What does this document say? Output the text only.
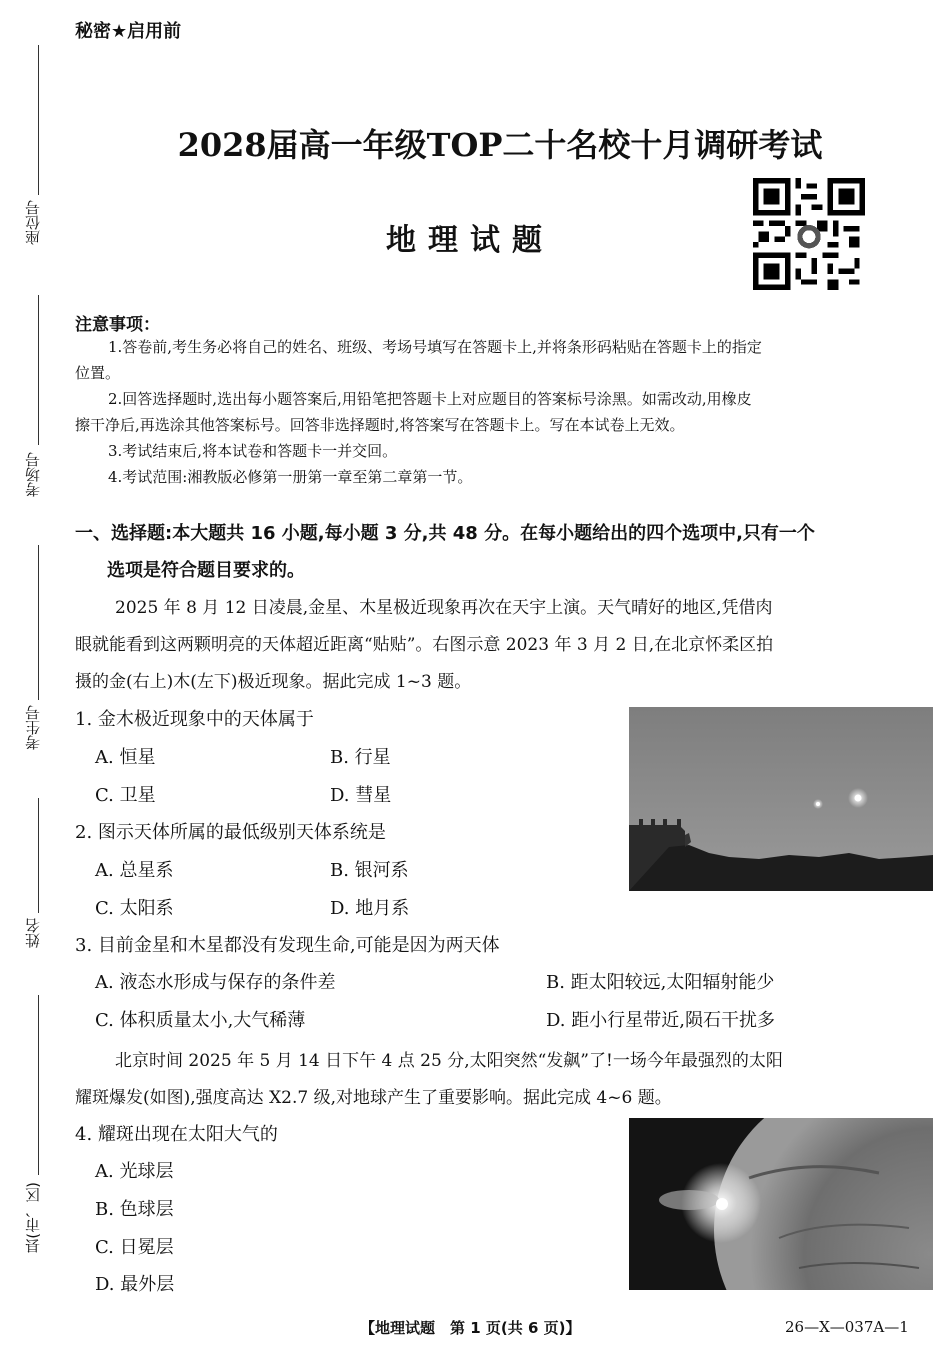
座位号
考场号
考生号
姓名
县(市、区)
秘密★启用前
2028届高一年级TOP二十名校十月调研考试
地理试题
注意事项：
1.答卷前,考生务必将自己的姓名、班级、考场号填写在答题卡上,并将条形码粘贴在答题卡上的指定
位置。
2.回答选择题时,选出每小题答案后,用铅笔把答题卡上对应题目的答案标号涂黑。如需改动,用橡皮
擦干净后,再选涂其他答案标号。回答非选择题时,将答案写在答题卡上。写在本试卷上无效。
3.考试结束后,将本试卷和答题卡一并交回。
4.考试范围:湘教版必修第一册第一章至第二章第一节。
一、选择题:本大题共 16 小题,每小题 3 分,共 48 分。在每小题给出的四个选项中,只有一个
选项是符合题目要求的。
2025 年 8 月 12 日凌晨,金星、木星极近现象再次在天宇上演。天气晴好的地区,凭借肉
眼就能看到这两颗明亮的天体超近距离“贴贴”。右图示意 2023 年 3 月 2 日,在北京怀柔区拍
摄的金(右上)木(左下)极近现象。据此完成 1~3 题。
1. 金木极近现象中的天体属于
A. 恒星	B. 行星
C. 卫星	D. 彗星
2. 图示天体所属的最低级别天体系统是
A. 总星系	B. 银河系
C. 太阳系	D. 地月系
3. 目前金星和木星都没有发现生命,可能是因为两天体
A. 液态水形成与保存的条件差	B. 距太阳较远,太阳辐射能少
C. 体积质量太小,大气稀薄	D. 距小行星带近,陨石干扰多
北京时间 2025 年 5 月 14 日下午 4 点 25 分,太阳突然“发飙”了!一场今年最强烈的太阳
耀斑爆发(如图),强度高达 X2.7 级,对地球产生了重要影响。据此完成 4~6 题。
4. 耀斑出现在太阳大气的
A. 光球层
B. 色球层
C. 日冕层
D. 最外层
【地理试题　第 1 页(共 6 页)】	26—X—037A—1
